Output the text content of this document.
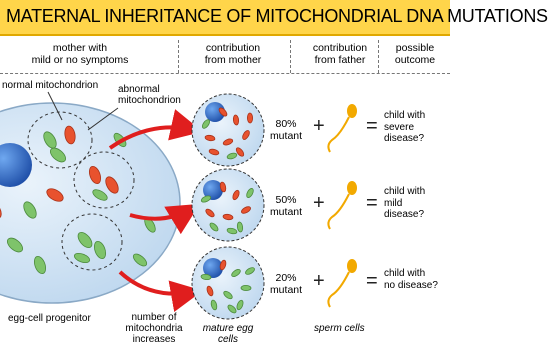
MATERNAL INHERITANCE OF MITOCHONDRIAL DNA MUTATIONS
mother with
mild or no symptoms
contribution
from mother
contribution
from father
possible
outcome
normal mitochondrion abnormal
mitochondrion
egg-cell progenitor	number of
mitochondria
increases
mature egg
cells
sperm cells
80%
mutant + = child with
severe
disease?
50%
mutant + =
child with
mild
disease?
20%
mutant + = child with
no disease?
